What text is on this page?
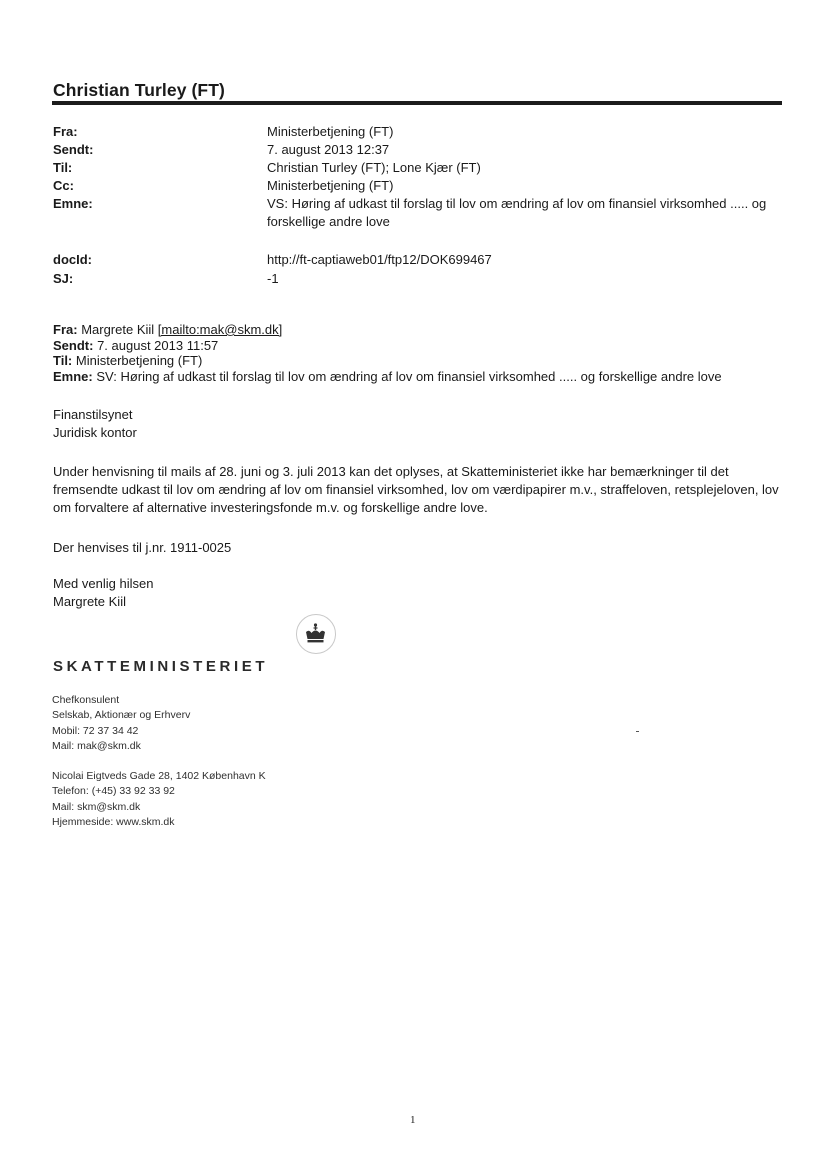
Christian Turley (FT)
Fra:	Ministerbetjening (FT)
Sendt:	7. august 2013 12:37
Til:	Christian Turley (FT); Lone Kjær (FT)
Cc:	Ministerbetjening (FT)
Emne:	VS: Høring af udkast til forslag til lov om ændring af lov om finansiel virksomhed ..... og forskellige andre love
docId:	http://ft-captiaweb01/ftp12/DOK699467
SJ:	-1
Fra: Margrete Kiil [mailto:mak@skm.dk]
Sendt: 7. august 2013 11:57
Til: Ministerbetjening (FT)
Emne: SV: Høring af udkast til forslag til lov om ændring af lov om finansiel virksomhed ..... og forskellige andre love
Finanstilsynet
Juridisk kontor
Under henvisning til mails af 28. juni og 3. juli 2013 kan det oplyses, at Skatteministeriet ikke har bemærkninger til det fremsendte udkast til lov om ændring af lov om finansiel virksomhed, lov om værdipapirer m.v., straffeloven, retsplejeloven, lov om forvaltere af alternative investeringsfonde m.v. og forskellige andre love.
Der henvises til j.nr. 1911-0025
Med venlig hilsen
Margrete Kiil
SKATTEMINISTERIET
Chefkonsulent
Selskab, Aktionær og Erhverv
Mobil: 72 37 34 42
Mail: mak@skm.dk
Nicolai Eigtveds Gade 28, 1402 København K
Telefon: (+45) 33 92 33 92
Mail: skm@skm.dk
Hjemmeside: www.skm.dk
1
